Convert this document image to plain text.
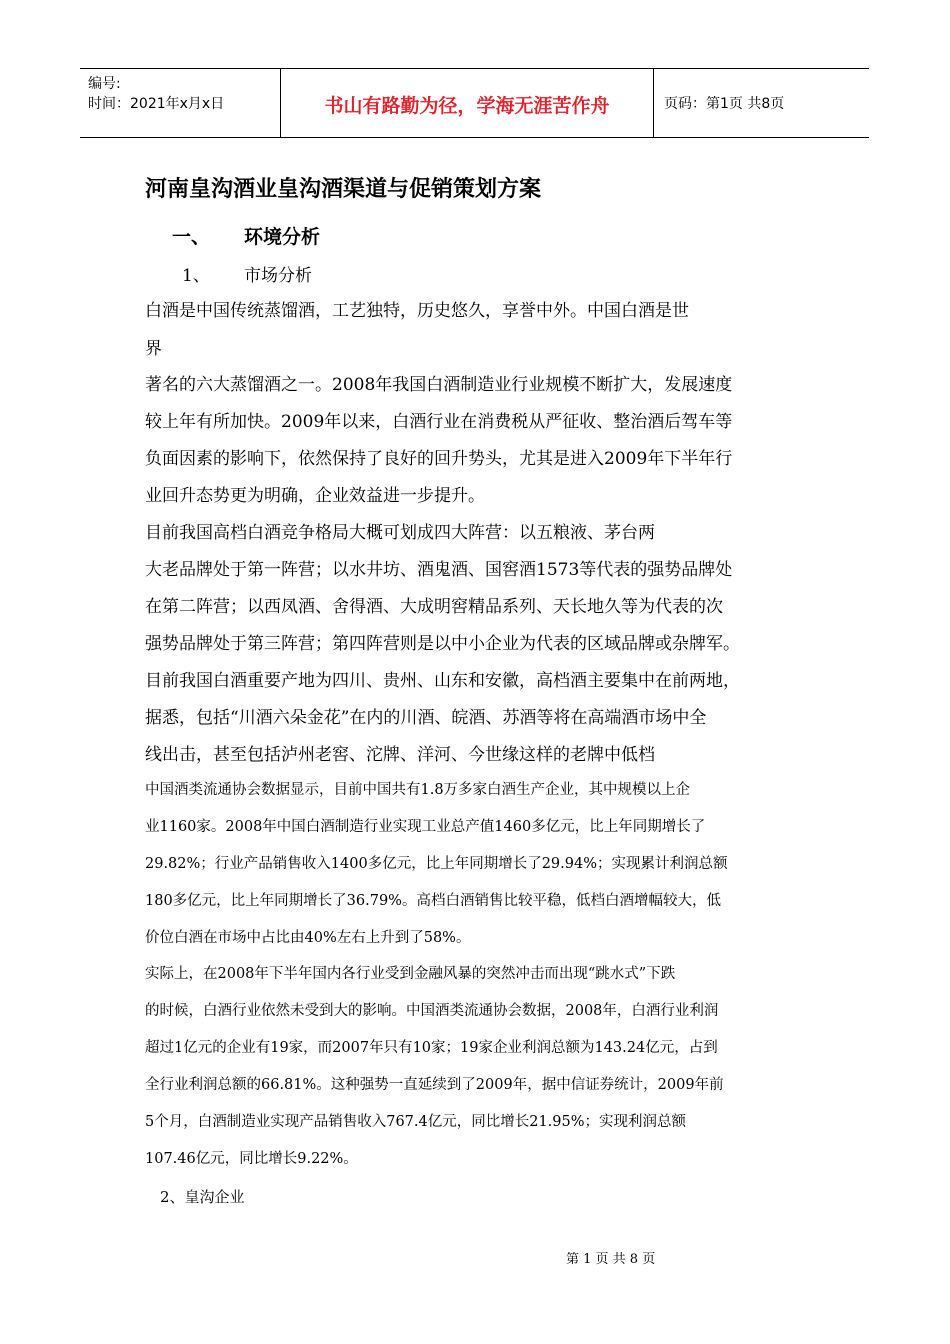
编号:
时间：2021年x月x日	书山有路勤为径，学海无涯苦作舟	页码：第1页 共8页
河南皇沟酒业皇沟酒渠道与促销策划方案
一、 环境分析
1、 市场分析
白酒是中国传统蒸馏酒，工艺独特，历史悠久，享誉中外。中国白酒是世
界
著名的六大蒸馏酒之一。2008年我国白酒制造业行业规模不断扩大，发展速度
较上年有所加快。2009年以来，白酒行业在消费税从严征收、整治酒后驾车等
负面因素的影响下，依然保持了良好的回升势头，尤其是进入2009年下半年行
业回升态势更为明确，企业效益进一步提升。
目前我国高档白酒竞争格局大概可划成四大阵营：以五粮液、茅台两
大老品牌处于第一阵营；以水井坊、酒鬼酒、国窖酒1573等代表的强势品牌处
在第二阵营；以西凤酒、舍得酒、大成明窖精品系列、天长地久等为代表的次
强势品牌处于第三阵营；第四阵营则是以中小企业为代表的区域品牌或杂牌军。
目前我国白酒重要产地为四川、贵州、山东和安徽，高档酒主要集中在前两地，
据悉，包括“川酒六朵金花”在内的川酒、皖酒、苏酒等将在高端酒市场中全
线出击，甚至包括泸州老窖、沱牌、洋河、今世缘这样的老牌中低档
中国酒类流通协会数据显示，目前中国共有1.8万多家白酒生产企业，其中规模以上企
业1160家。2008年中国白酒制造行业实现工业总产值1460多亿元，比上年同期增长了
29.82%；行业产品销售收入1400多亿元，比上年同期增长了29.94%；实现累计利润总额
180多亿元，比上年同期增长了36.79%。高档白酒销售比较平稳，低档白酒增幅较大，低
价位白酒在市场中占比由40%左右上升到了58%。
实际上，在2008年下半年国内各行业受到金融风暴的突然冲击而出现“跳水式”下跌
的时候，白酒行业依然未受到大的影响。中国酒类流通协会数据，2008年，白酒行业利润
超过1亿元的企业有19家，而2007年只有10家；19家企业利润总额为143.24亿元，占到
全行业利润总额的66.81%。这种强势一直延续到了2009年，据中信证券统计，2009年前
5个月，白酒制造业实现产品销售收入767.4亿元，同比增长21.95%；实现利润总额
107.46亿元，同比增长9.22%。
2、皇沟企业
第 1 页 共 8 页
